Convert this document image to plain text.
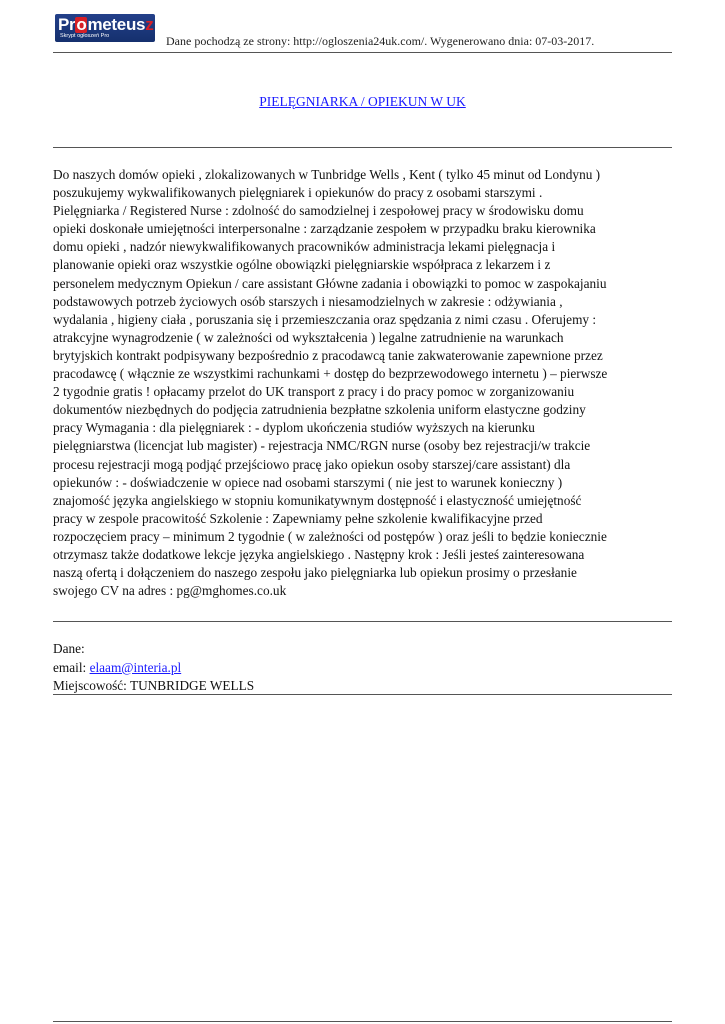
Prometeusz
Skrypt ogłoszeń Pro	Dane pochodzą ze strony: http://ogloszenia24uk.com/. Wygenerowano dnia: 07-03-2017.
PIELĘGNIARKA / OPIEKUN W UK
Do naszych domów opieki , zlokalizowanych w Tunbridge Wells , Kent ( tylko 45 minut od Londynu )
poszukujemy wykwalifikowanych pielęgniarek i opiekunów do pracy z osobami starszymi .
Pielęgniarka / Registered Nurse : zdolność do samodzielnej i zespołowej pracy w środowisku domu
opieki doskonałe umiejętności interpersonalne : zarządzanie zespołem w przypadku braku kierownika
domu opieki , nadzór niewykwalifikowanych pracowników administracja lekami pielęgnacja i
planowanie opieki oraz wszystkie ogólne obowiązki pielęgniarskie współpraca z lekarzem i z
personelem medycznym Opiekun / care assistant Główne zadania i obowiązki to pomoc w zaspokajaniu
podstawowych potrzeb życiowych osób starszych i niesamodzielnych w zakresie : odżywiania ,
wydalania , higieny ciała , poruszania się i przemieszczania oraz spędzania z nimi czasu . Oferujemy :
atrakcyjne wynagrodzenie ( w zależności od wykształcenia ) legalne zatrudnienie na warunkach
brytyjskich kontrakt podpisywany bezpośrednio z pracodawcą tanie zakwaterowanie zapewnione przez
pracodawcę ( włącznie ze wszystkimi rachunkami + dostęp do bezprzewodowego internetu ) – pierwsze
2 tygodnie gratis ! opłacamy przelot do UK transport z pracy i do pracy pomoc w zorganizowaniu
dokumentów niezbędnych do podjęcia zatrudnienia bezpłatne szkolenia uniform elastyczne godziny
pracy Wymagania : dla pielęgniarek : - dyplom ukończenia studiów wyższych na kierunku
pielęgniarstwa (licencjat lub magister) - rejestracja NMC/RGN nurse (osoby bez rejestracji/w trakcie
procesu rejestracji mogą podjąć przejściowo pracę jako opiekun osoby starszej/care assistant) dla
opiekunów : - doświadczenie w opiece nad osobami starszymi ( nie jest to warunek konieczny )
znajomość języka angielskiego w stopniu komunikatywnym dostępność i elastyczność umiejętność
pracy w zespole pracowitość Szkolenie : Zapewniamy pełne szkolenie kwalifikacyjne przed
rozpoczęciem pracy – minimum 2 tygodnie ( w zależności od postępów ) oraz jeśli to będzie koniecznie
otrzymasz także dodatkowe lekcje języka angielskiego . Następny krok : Jeśli jesteś zainteresowana
naszą ofertą i dołączeniem do naszego zespołu jako pielęgniarka lub opiekun prosimy o przesłanie
swojego CV na adres : pg@mghomes.co.uk
Dane:
email: elaam@interia.pl
Miejscowość: TUNBRIDGE WELLS
